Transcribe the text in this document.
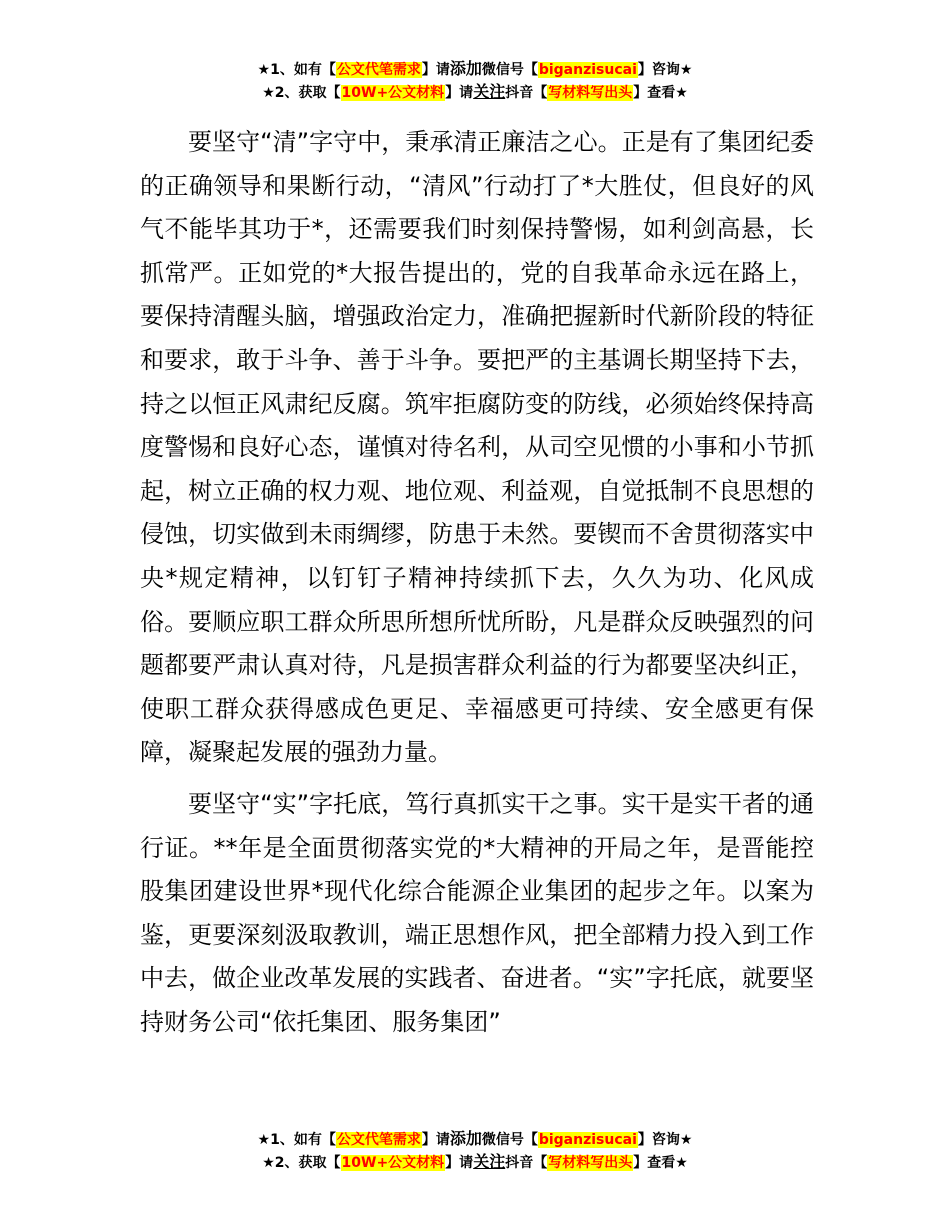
★1、如有【公文代笔需求】请添加微信号【biganzisucai】咨询★
★2、获取【10W+公文材料】请关注抖音【写材料写出头】查看★

要坚守“清”字守中，秉承清正廉洁之心。正是有了集团纪委的正确领导和果断行动，“清风”行动打了*大胜仗，但良好的风气不能毕其功于*，还需要我们时刻保持警惕，如利剑高悬，长抓常严。正如党的*大报告提出的，党的自我革命永远在路上，要保持清醒头脑，增强政治定力，准确把握新时代新阶段的特征和要求，敢于斗争、善于斗争。要把严的主基调长期坚持下去，持之以恒正风肃纪反腐。筑牢拒腐防变的防线，必须始终保持高度警惕和良好心态，谨慎对待名利，从司空见惯的小事和小节抓起，树立正确的权力观、地位观、利益观，自觉抵制不良思想的侵蚀，切实做到未雨绸缪，防患于未然。要锲而不舍贯彻落实中央*规定精神，以钉钉子精神持续抓下去，久久为功、化风成俗。要顺应职工群众所思所想所忧所盼，凡是群众反映强烈的问题都要严肃认真对待，凡是损害群众利益的行为都要坚决纠正，使职工群众获得感成色更足、幸福感更可持续、安全感更有保障，凝聚起发展的强劲力量。

要坚守“实”字托底，笃行真抓实干之事。实干是实干者的通行证。**年是全面贯彻落实党的*大精神的开局之年，是晋能控股集团建设世界*现代化综合能源企业集团的起步之年。以案为鉴，更要深刻汲取教训，端正思想作风，把全部精力投入到工作中去，做企业改革发展的实践者、奋进者。“实”字托底，就要坚持财务公司“依托集团、服务集团”

★1、如有【公文代笔需求】请添加微信号【biganzisucai】咨询★
★2、获取【10W+公文材料】请关注抖音【写材料写出头】查看★
